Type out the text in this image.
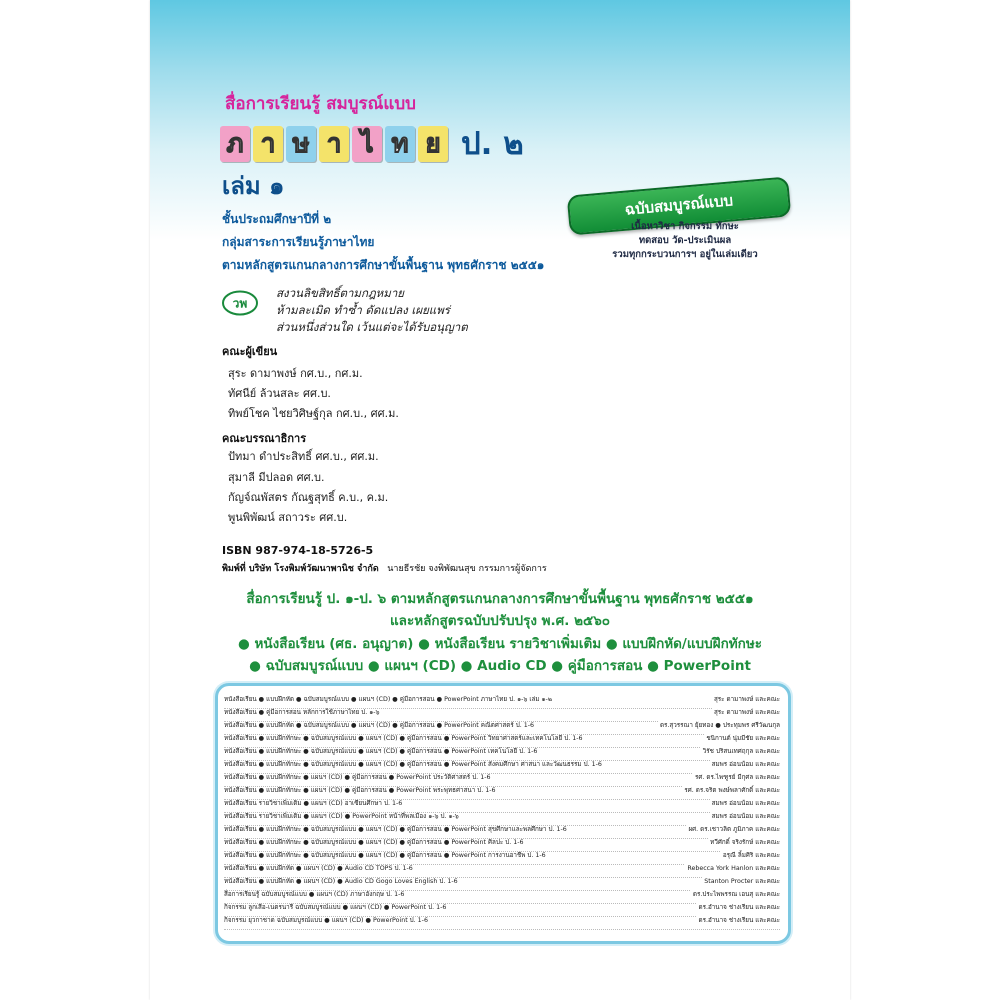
สื่อการเรียนรู้ สมบูรณ์แบบ
ภ า ษ า ไ ท ย ป. ๒
เล่ม ๑
ชั้นประถมศึกษาปีที่ ๒
กลุ่มสาระการเรียนรู้ภาษาไทย
ตามหลักสูตรแกนกลางการศึกษาขั้นพื้นฐาน พุทธศักราช ๒๕๕๑
ฉบับสมบูรณ์แบบ
เนื้อหาวิชา กิจกรรม ทักษะ
ทดสอบ วัด-ประเมินผล
รวมทุกกระบวนการฯ อยู่ในเล่มเดียว
วพ
สงวนลิขสิทธิ์ตามกฎหมาย
ห้ามละเมิด ทำซ้ำ ดัดแปลง เผยแพร่
ส่วนหนึ่งส่วนใด เว้นแต่จะได้รับอนุญาต
คณะผู้เขียน
สุระ ดามาพงษ์ กศ.บ., กศ.ม.
ทัศนีย์ ล้วนสละ ศศ.บ.
ทิพย์โชค ไชยวิศิษฐ์กุล กศ.บ., ศศ.ม.
คณะบรรณาธิการ
ปัทมา ดำประสิทธิ์ ศศ.บ., ศศ.ม.
สุมาลี มีปลอด ศศ.บ.
กัญจ์ณพัสตร กัณฐสุทธิ์ ค.บ., ค.ม.
พูนพิพัฒน์ สถาวระ ศศ.บ.
ISBN 987-974-18-5726-5
พิมพ์ที่ บริษัท โรงพิมพ์วัฒนาพานิช จำกัด นายธีรชัย จงพิพัฒนสุข กรรมการผู้จัดการ
สื่อการเรียนรู้ ป. ๑-ป. ๖ ตามหลักสูตรแกนกลางการศึกษาขั้นพื้นฐาน พุทธศักราช ๒๕๕๑
และหลักสูตรฉบับปรับปรุง พ.ศ. ๒๕๖๐
● หนังสือเรียน (ศธ. อนุญาต) ● หนังสือเรียน รายวิชาเพิ่มเติม ● แบบฝึกหัด/แบบฝึกทักษะ
● ฉบับสมบูรณ์แบบ ● แผนฯ (CD) ● Audio CD ● คู่มือการสอน ● PowerPoint
หนังสือเรียน ● แบบฝึกหัด ● ฉบับสมบูรณ์แบบ ● แผนฯ (CD) ● คู่มือการสอน ● PowerPoint ภาษาไทย ป. ๑-๖ เล่ม ๑-๒	สุระ ดามาพงษ์ และคณะ
หนังสือเรียน ● คู่มือการสอน หลักการใช้ภาษาไทย ป. ๑-๖	สุระ ดามาพงษ์ และคณะ
หนังสือเรียน ● แบบฝึกหัด ● ฉบับสมบูรณ์แบบ ● แผนฯ (CD) ● คู่มือการสอน ● PowerPoint คณิตศาสตร์ ป. 1-6	ดร.สุวรรณา ยุ้ยทอง ● ประทุมพร ศรีวัฒนกุล
หนังสือเรียน ● แบบฝึกทักษะ ● ฉบับสมบูรณ์แบบ ● แผนฯ (CD) ● คู่มือการสอน ● PowerPoint วิทยาศาสตร์และเทคโนโลยี ป. 1-6	ชนิกานต์ นุ่มมีชัย และคณะ
หนังสือเรียน ● แบบฝึกทักษะ ● ฉบับสมบูรณ์แบบ ● แผนฯ (CD) ● คู่มือการสอน ● PowerPoint เทคโนโลยี ป. 1-6	วิรัช ปริสนเทศฤกุล และคณะ
หนังสือเรียน ● แบบฝึกทักษะ ● ฉบับสมบูรณ์แบบ ● แผนฯ (CD) ● คู่มือการสอน ● PowerPoint สังคมศึกษา ศาสนา และวัฒนธรรม ป. 1-6	สมพร อ่อนน้อม และคณะ
หนังสือเรียน ● แบบฝึกทักษะ ● แผนฯ (CD) ● คู่มือการสอน ● PowerPoint ประวัติศาสตร์ ป. 1-6	รศ. ดร.ไพฑูรย์ มีกุศล และคณะ
หนังสือเรียน ● แบบฝึกทักษะ ● แผนฯ (CD) ● คู่มือการสอน ● PowerPoint พระพุทธศาสนา ป. 1-6	รศ. ดร.จริต พงษ์พลาศักดิ์ และคณะ
หนังสือเรียน รายวิชาเพิ่มเติม ● แผนฯ (CD) อาเซียนศึกษา ป. 1-6	สมพร อ่อนน้อม และคณะ
หนังสือเรียน รายวิชาเพิ่มเติม ● แผนฯ (CD) ● PowerPoint หน้าที่พลเมือง ๑-๖ ป. ๑-๖	สมพร อ่อนน้อม และคณะ
หนังสือเรียน ● แบบฝึกทักษะ ● ฉบับสมบูรณ์แบบ ● แผนฯ (CD) ● คู่มือการสอน ● PowerPoint สุขศึกษาและพลศึกษา ป. 1-6	ผศ. ดร.เชาวลิต ภูมิภาค และคณะ
หนังสือเรียน ● แบบฝึกทักษะ ● ฉบับสมบูรณ์แบบ ● แผนฯ (CD) ● คู่มือการสอน ● PowerPoint ศิลปะ ป. 1-6	ทวีศักดิ์ จริงรักษ์ และคณะ
หนังสือเรียน ● แบบฝึกทักษะ ● ฉบับสมบูรณ์แบบ ● แผนฯ (CD) ● คู่มือการสอน ● PowerPoint การงานอาชีพ ป. 1-6	อรุณี ลิ้มศิริ และคณะ
หนังสือเรียน ● แบบฝึกหัด ● แผนฯ (CD) ● Audio CD TOPS ป. 1-6	Rebecca York Hanlon และคณะ
หนังสือเรียน ● แบบฝึกหัด ● แผนฯ (CD) ● Audio CD Gogo Loves English ป. 1-6	Stanton Procter และคณะ
สื่อการเรียนรู้ ฉบับสมบูรณ์แบบ ● แผนฯ (CD) ภาษาอังกฤษ ป. 1-6	ดร.ประไพพรรณ เอนสุ และคณะ
กิจกรรม ลูกเสือ-เนตรนารี ฉบับสมบูรณ์แบบ ● แผนฯ (CD) ● PowerPoint ป. 1-6	ดร.อำนาจ ช่างเรียน และคณะ
กิจกรรม ยุวกาชาด ฉบับสมบูรณ์แบบ ● แผนฯ (CD) ● PowerPoint ป. 1-6	ดร.อำนาจ ช่างเรียน และคณะ
